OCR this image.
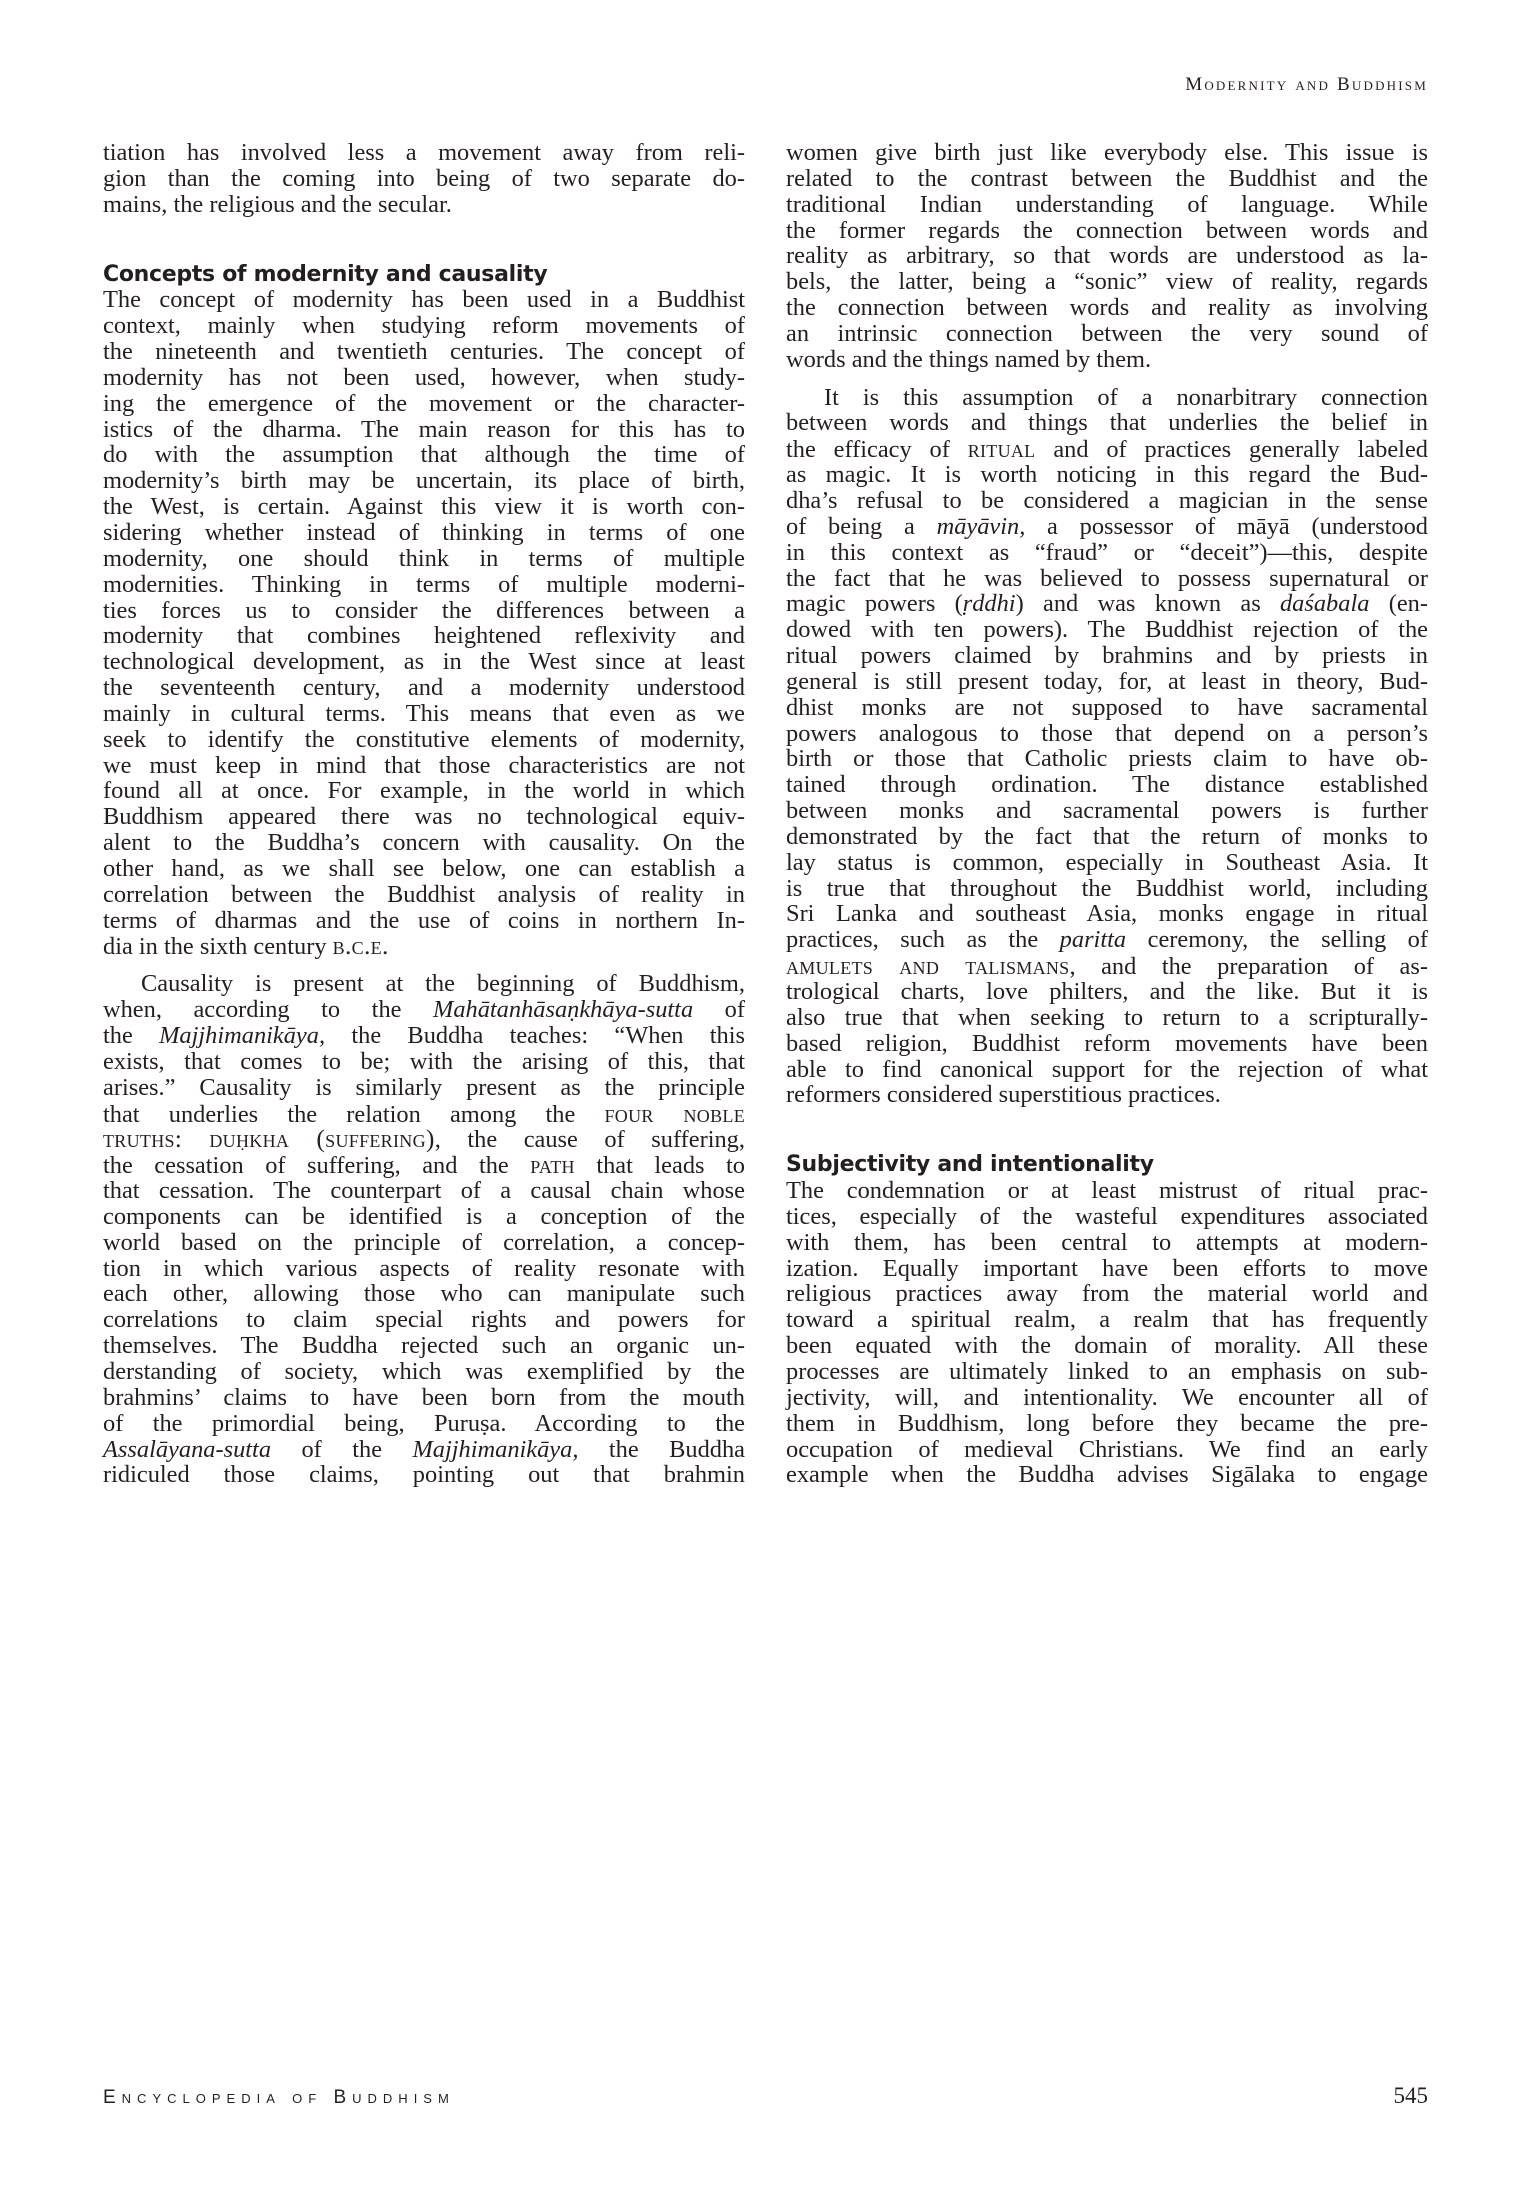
Modernity and Buddhism
tiation has involved less a movement away from reli-
gion than the coming into being of two separate do-
mains, the religious and the secular.
Concepts of modernity and causality
The concept of modernity has been used in a Buddhist
context, mainly when studying reform movements of
the nineteenth and twentieth centuries. The concept of
modernity has not been used, however, when study-
ing the emergence of the movement or the character-
istics of the dharma. The main reason for this has to
do with the assumption that although the time of
modernity’s birth may be uncertain, its place of birth,
the West, is certain. Against this view it is worth con-
sidering whether instead of thinking in terms of one
modernity, one should think in terms of multiple
modernities. Thinking in terms of multiple moderni-
ties forces us to consider the differences between a
modernity that combines heightened reflexivity and
technological development, as in the West since at least
the seventeenth century, and a modernity understood
mainly in cultural terms. This means that even as we
seek to identify the constitutive elements of modernity,
we must keep in mind that those characteristics are not
found all at once. For example, in the world in which
Buddhism appeared there was no technological equiv-
alent to the Buddha’s concern with causality. On the
other hand, as we shall see below, one can establish a
correlation between the Buddhist analysis of reality in
terms of dharmas and the use of coins in northern In-
dia in the sixth century b.c.e.
Causality is present at the beginning of Buddhism,
when, according to the Mahātanhāsaṇkhāya-sutta of
the Majjhimanikāya, the Buddha teaches: “When this
exists, that comes to be; with the arising of this, that
arises.” Causality is similarly present as the principle
that underlies the relation among the four noble
truths: duḥkha (suffering), the cause of suffering,
the cessation of suffering, and the path that leads to
that cessation. The counterpart of a causal chain whose
components can be identified is a conception of the
world based on the principle of correlation, a concep-
tion in which various aspects of reality resonate with
each other, allowing those who can manipulate such
correlations to claim special rights and powers for
themselves. The Buddha rejected such an organic un-
derstanding of society, which was exemplified by the
brahmins’ claims to have been born from the mouth
of the primordial being, Puruṣa. According to the
Assalāyana-sutta of the Majjhimanikāya, the Buddha
ridiculed those claims, pointing out that brahmin
women give birth just like everybody else. This issue is
related to the contrast between the Buddhist and the
traditional Indian understanding of language. While
the former regards the connection between words and
reality as arbitrary, so that words are understood as la-
bels, the latter, being a “sonic” view of reality, regards
the connection between words and reality as involving
an intrinsic connection between the very sound of
words and the things named by them.
It is this assumption of a nonarbitrary connection
between words and things that underlies the belief in
the efficacy of ritual and of practices generally labeled
as magic. It is worth noticing in this regard the Bud-
dha’s refusal to be considered a magician in the sense
of being a māyāvin, a possessor of māyā (understood
in this context as “fraud” or “deceit”)—this, despite
the fact that he was believed to possess supernatural or
magic powers (ṛddhi) and was known as daśabala (en-
dowed with ten powers). The Buddhist rejection of the
ritual powers claimed by brahmins and by priests in
general is still present today, for, at least in theory, Bud-
dhist monks are not supposed to have sacramental
powers analogous to those that depend on a person’s
birth or those that Catholic priests claim to have ob-
tained through ordination. The distance established
between monks and sacramental powers is further
demonstrated by the fact that the return of monks to
lay status is common, especially in Southeast Asia. It
is true that throughout the Buddhist world, including
Sri Lanka and southeast Asia, monks engage in ritual
practices, such as the paritta ceremony, the selling of
amulets and talismans, and the preparation of as-
trological charts, love philters, and the like. But it is
also true that when seeking to return to a scripturally-
based religion, Buddhist reform movements have been
able to find canonical support for the rejection of what
reformers considered superstitious practices.
Subjectivity and intentionality
The condemnation or at least mistrust of ritual prac-
tices, especially of the wasteful expenditures associated
with them, has been central to attempts at modern-
ization. Equally important have been efforts to move
religious practices away from the material world and
toward a spiritual realm, a realm that has frequently
been equated with the domain of morality. All these
processes are ultimately linked to an emphasis on sub-
jectivity, will, and intentionality. We encounter all of
them in Buddhism, long before they became the pre-
occupation of medieval Christians. We find an early
example when the Buddha advises Sigālaka to engage
Encyclopedia of Buddhism	545
